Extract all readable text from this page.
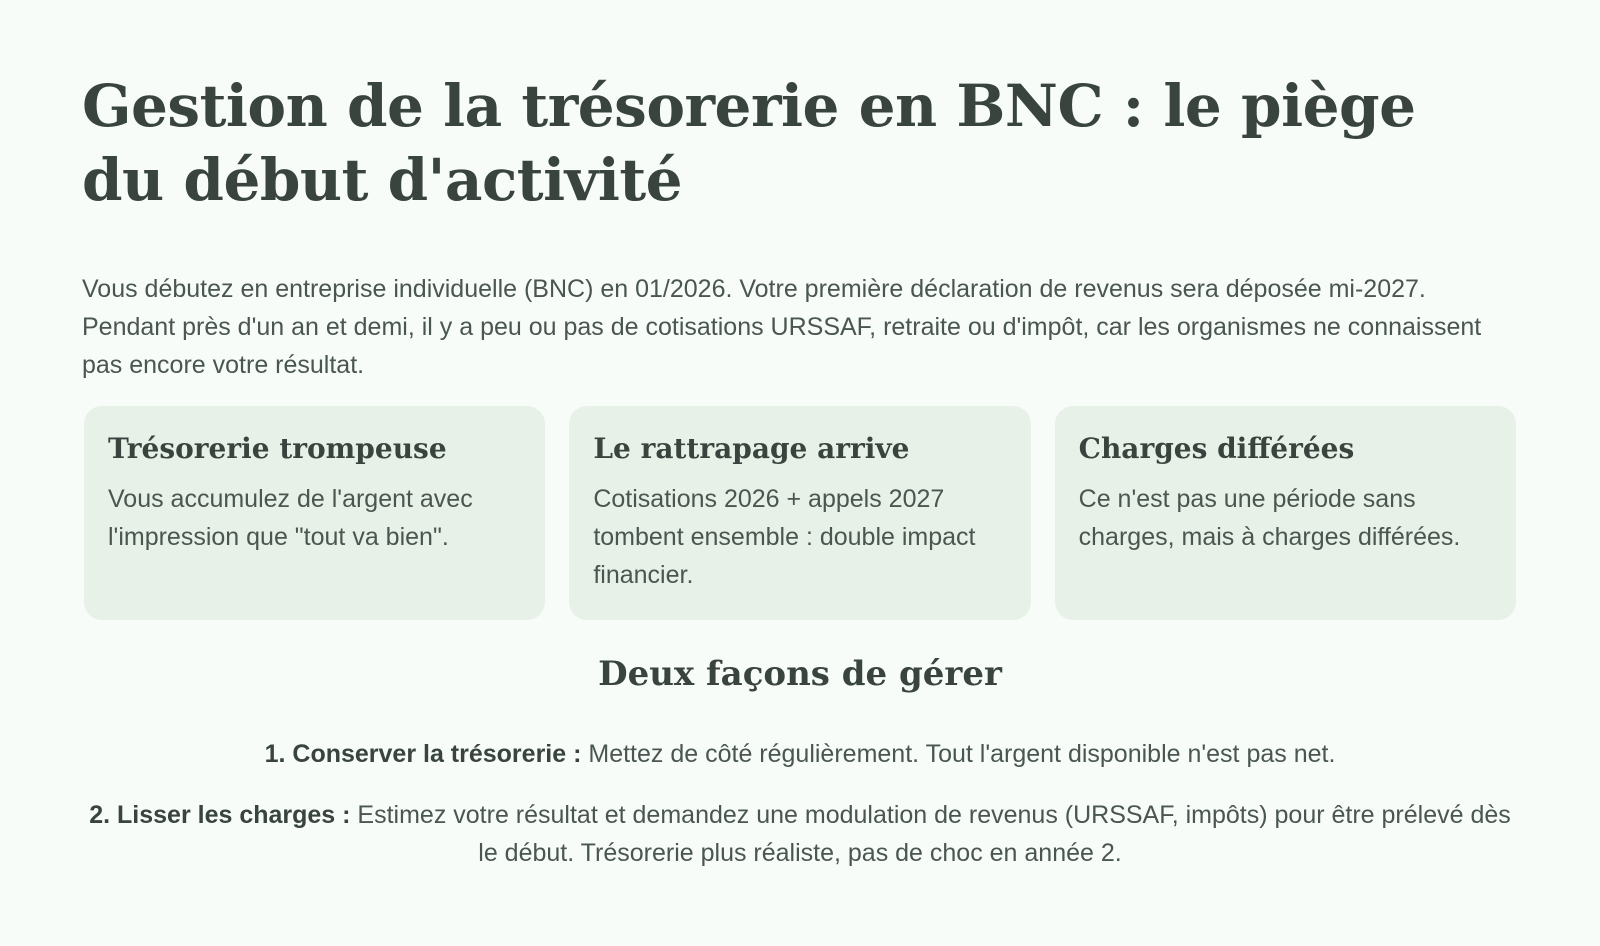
Gestion de la trésorerie en BNC : le piège du début d'activité

Vous débutez en entreprise individuelle (BNC) en 01/2026. Votre première déclaration de revenus sera déposée mi-2027. Pendant près d'un an et demi, il y a peu ou pas de cotisations URSSAF, retraite ou d'impôt, car les organismes ne connaissent pas encore votre résultat.

Trésorerie trompeuse

Vous accumulez de l'argent avec l'impression que "tout va bien".

Le rattrapage arrive

Cotisations 2026 + appels 2027 tombent ensemble : double impact financier.

Charges différées

Ce n'est pas une période sans charges, mais à charges différées.

Deux façons de gérer

1. Conserver la trésorerie : Mettez de côté régulièrement. Tout l'argent disponible n'est pas net.

2. Lisser les charges : Estimez votre résultat et demandez une modulation de revenus (URSSAF, impôts) pour être prélevé dès le début. Trésorerie plus réaliste, pas de choc en année 2.
